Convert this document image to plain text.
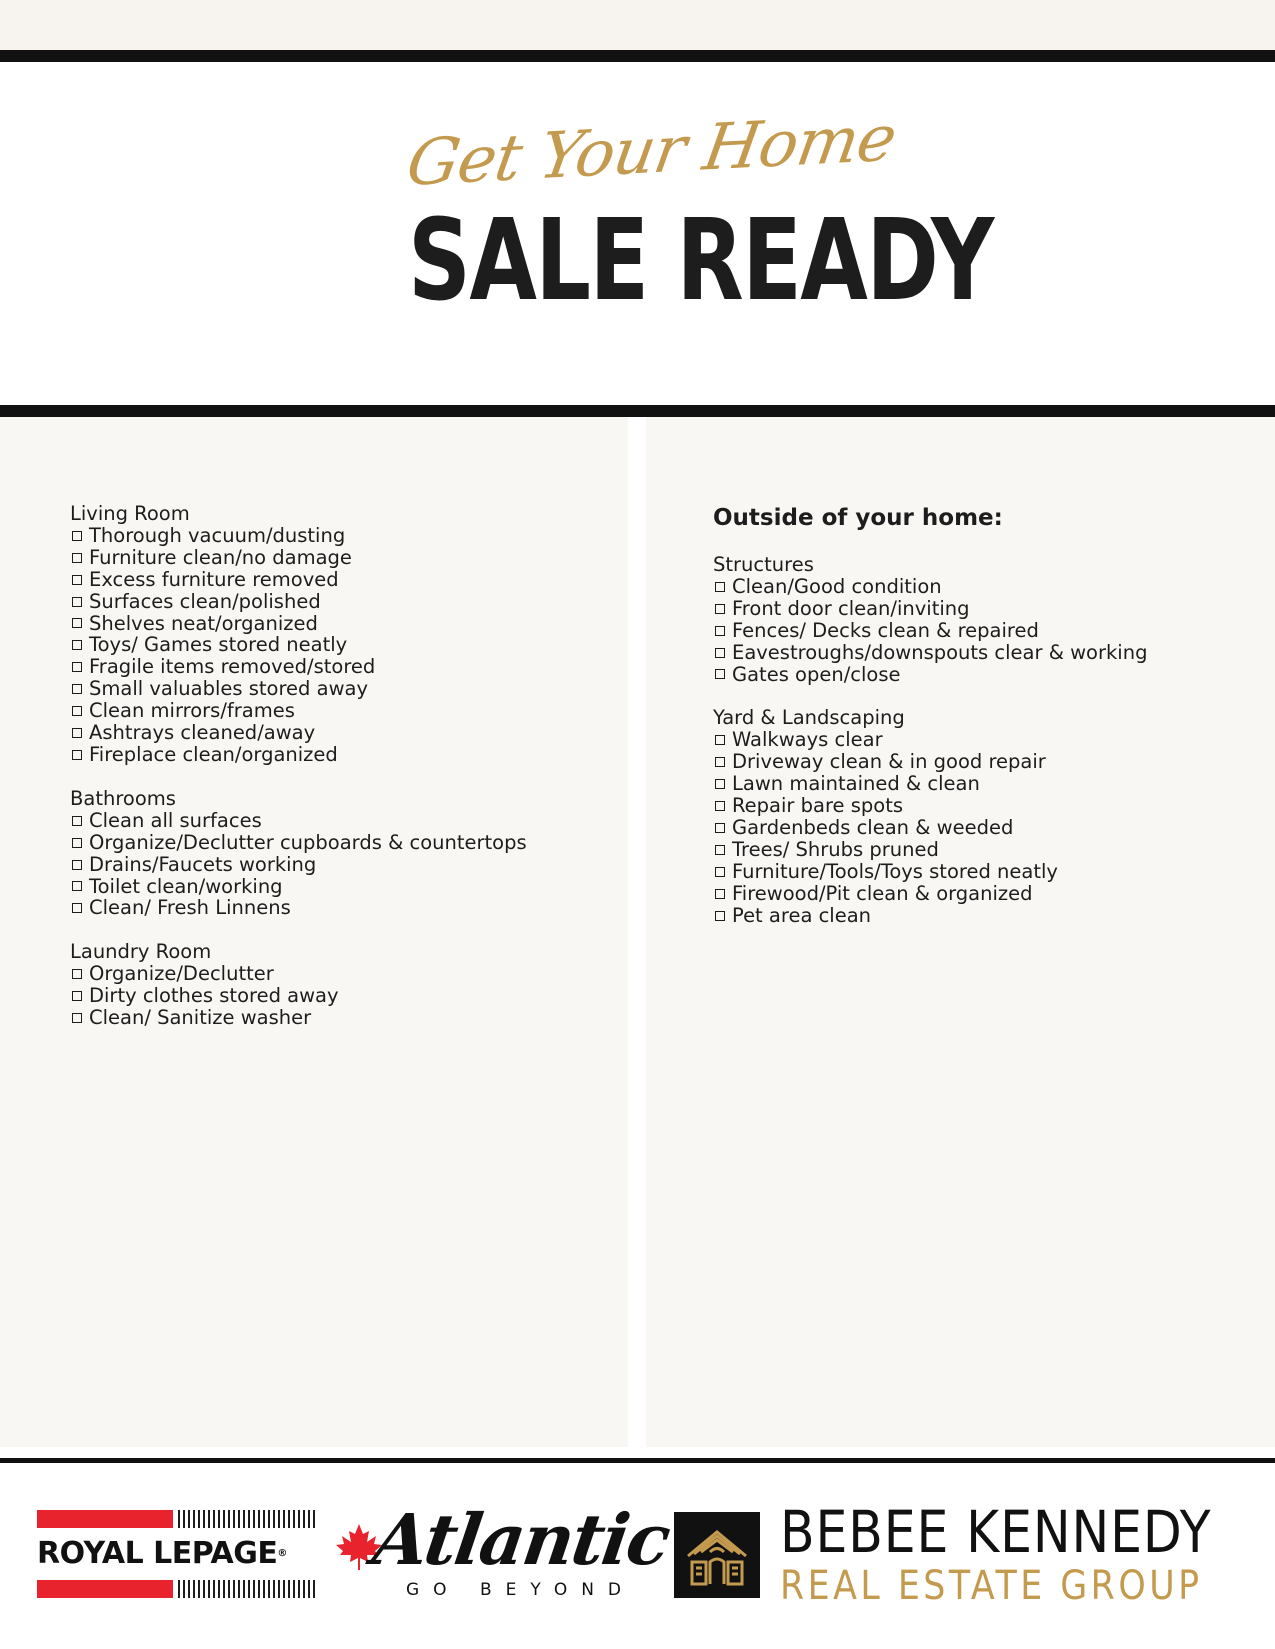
Get Your Home
SALE READY
Living Room
Thorough vacuum/dusting
Furniture clean/no damage
Excess furniture removed
Surfaces clean/polished
Shelves neat/organized
Toys/ Games stored neatly
Fragile items removed/stored
Small valuables stored away
Clean mirrors/frames
Ashtrays cleaned/away
Fireplace clean/organized
Bathrooms
Clean all surfaces
Organize/Declutter cupboards & countertops
Drains/Faucets working
Toilet clean/working
Clean/ Fresh Linnens
Laundry Room
Organize/Declutter
Dirty clothes stored away
Clean/ Sanitize washer
Outside of your home:
Structures
Clean/Good condition
Front door clean/inviting
Fences/ Decks clean & repaired
Eavestroughs/downspouts clear & working
Gates open/close
Yard & Landscaping
Walkways clear
Driveway clean & in good repair
Lawn maintained & clean
Repair bare spots
Gardenbeds clean & weeded
Trees/ Shrubs pruned
Furniture/Tools/Toys stored neatly
Firewood/Pit clean & organized
Pet area clean
ROYAL LEPAGE® Atlantic
GO BEYOND
BEBEE KENNEDY
REAL ESTATE GROUP
